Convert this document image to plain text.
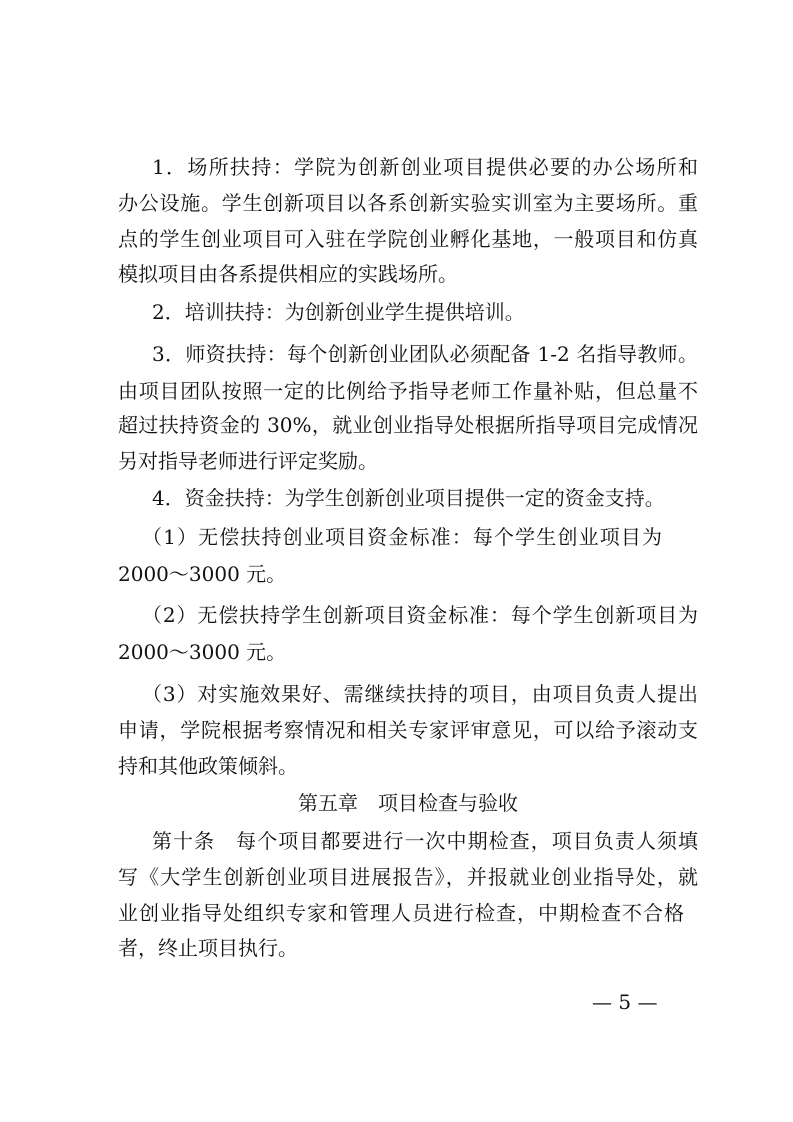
1．场所扶持：学院为创新创业项目提供必要的办公场所和
办公设施。学生创新项目以各系创新实验实训室为主要场所。重
点的学生创业项目可入驻在学院创业孵化基地，一般项目和仿真
模拟项目由各系提供相应的实践场所。
2．培训扶持：为创新创业学生提供培训。
3．师资扶持：每个创新创业团队必须配备 1-2 名指导教师。
由项目团队按照一定的比例给予指导老师工作量补贴，但总量不
超过扶持资金的 30%，就业创业指导处根据所指导项目完成情况
另对指导老师进行评定奖励。
4．资金扶持：为学生创新创业项目提供一定的资金支持。
（1）无偿扶持创业项目资金标准：每个学生创业项目为
2000～3000 元。
（2）无偿扶持学生创新项目资金标准：每个学生创新项目为
2000～3000 元。
（3）对实施效果好、需继续扶持的项目，由项目负责人提出
申请，学院根据考察情况和相关专家评审意见，可以给予滚动支
持和其他政策倾斜。
第五章　项目检查与验收
第十条　每个项目都要进行一次中期检查，项目负责人须填
写《大学生创新创业项目进展报告》，并报就业创业指导处，就
业创业指导处组织专家和管理人员进行检查，中期检查不合格
者，终止项目执行。
— 5 —
